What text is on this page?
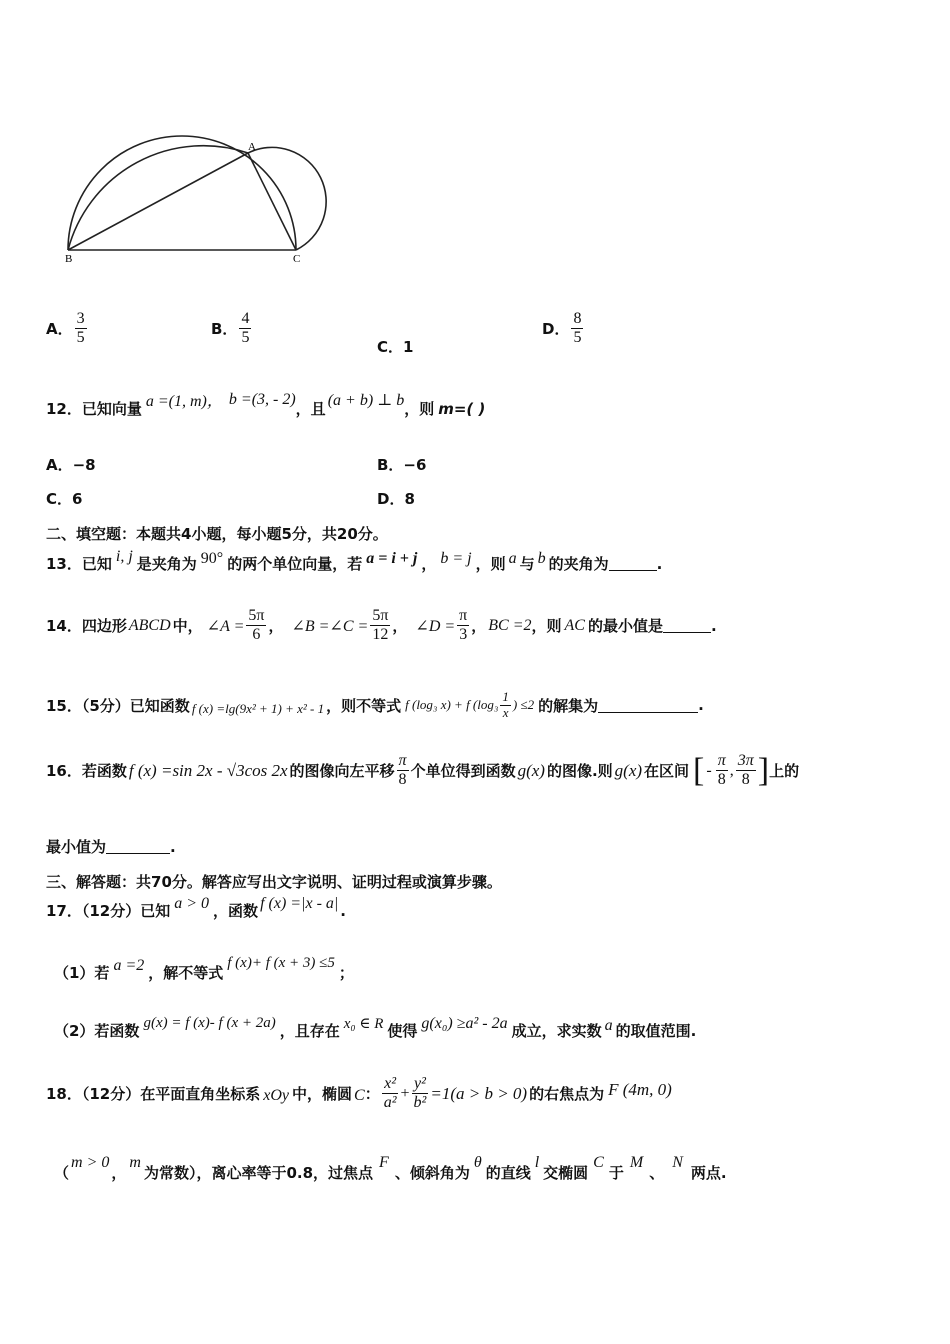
A
B	C
A． $\frac{3}{5}$	B． $\frac{4}{5}$	C．1
D． $\frac{8}{5}$
12．已知向量 a =(1, m)， b =(3, - 2)
，且 (a + b) ⊥ b ，则 m=( )
A．−8	B．−6
C．6	D．8
二、填空题：本题共4小题，每小题5分，共20分。
13．已知 i, j 是夹角为 90° 的两个单位向量，若 a = i + j ， b = j ，则 a 与 b 的夹角为	.
14．四边形 ABCD 中， ∠A = $\frac{5\pi}{6}$ ， ∠B =∠C = $\frac{5\pi}{12}$ ， ∠D = $\frac{\pi}{3}$ ， BC =2 ，则 AC 的最小值是	.
15．（5分）已知函数 f (x) =lg(9x² + 1) + x² - 1 ，则不等式 f (log₃ x) + f ($\log_3 \frac{1}{x}$ ) ≤2 的解集为	.
16．若函数 f (x) =sin 2x - √3cos 2x 的图像向左平移 $\frac{\pi}{8}$ 个单位得到函数 g(x) 的图像.则 g(x) 在区间 [ - $\frac{\pi}{8}$ , $\frac{3\pi}{8}$ ] 上的
最小值为	.
三、解答题：共70分。解答应写出文字说明、证明过程或演算步骤。
17．（12分）已知 a > 0 ，函数 f (x) =|x - a| .
（1）若 a =2 ，解不等式
f (x)+ f (x + 3) ≤5
；
（2）若函数 g(x) = f (x)- f (x + 2a) ，且存在 x₀ ∈ R 使得 g(x₀) ≥a² - 2a 成立，求实数 a 的取值范围.
18．（12分）在平面直角坐标系 xOy 中，椭圆 C ： $\frac{\text{x²}}{\text{a²}} + \frac{\text{y²}}{\text{b²}} =1(a > b > 0)$ 的右焦点为 F (4m, 0)
（
m > 0
，
m
为常数），离心率等于0.8，过焦点
F
、倾斜角为
θ
的直线
l
交椭圆
C
于
M
、
N
两点.
